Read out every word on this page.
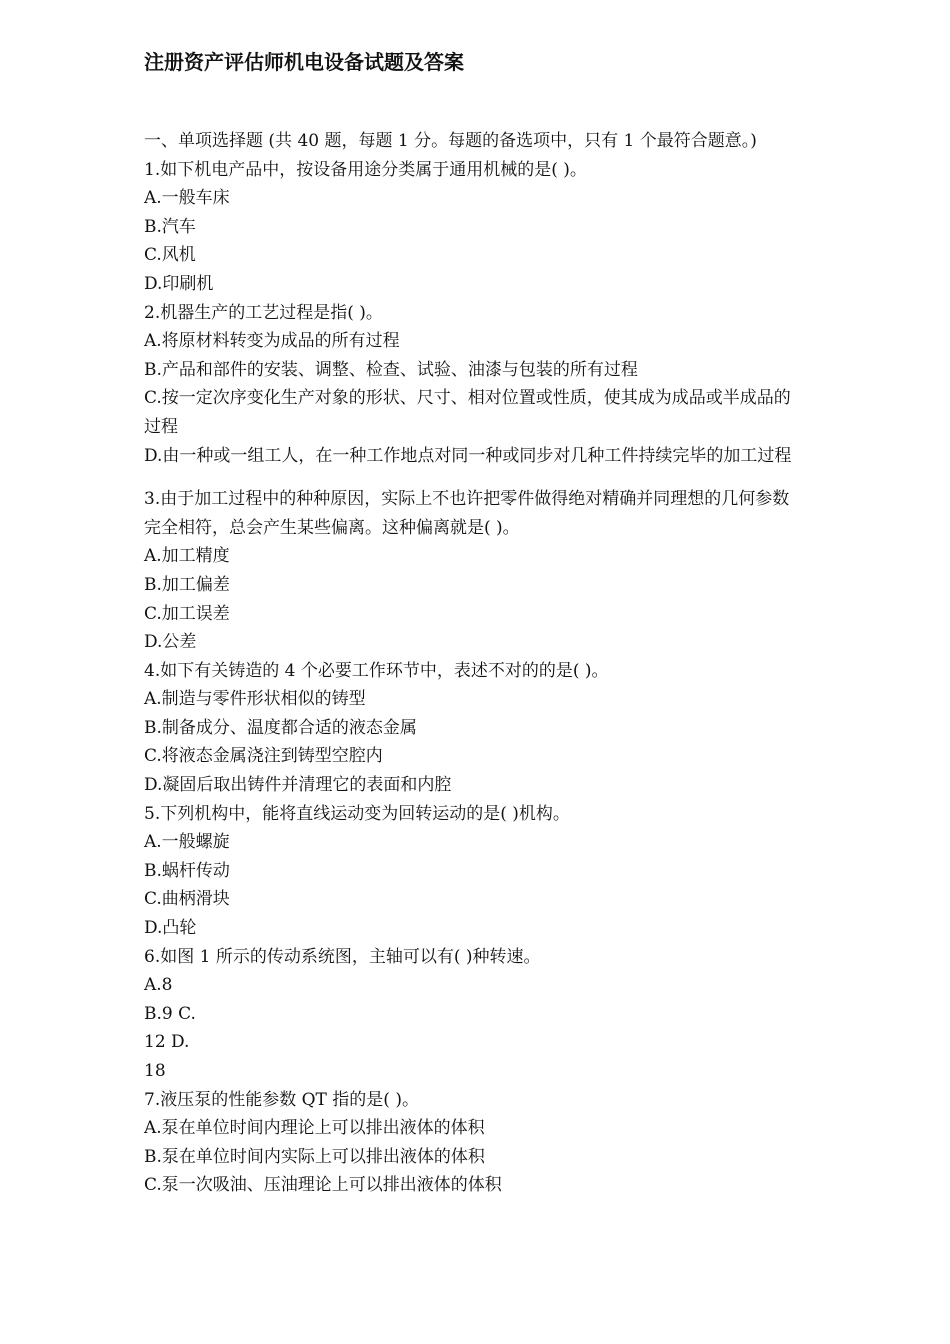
注册资产评估师机电设备试题及答案
一、单项选择题 (共 40 题，每题 1 分。每题的备选项中，只有 1 个最符合题意。)
1.如下机电产品中，按设备用途分类属于通用机械的是( )。
A.一般车床
B.汽车
C.风机
D.印刷机
2.机器生产的工艺过程是指( )。
A.将原材料转变为成品的所有过程
B.产品和部件的安装、调整、检查、试验、油漆与包装的所有过程
C.按一定次序变化生产对象的形状、尺寸、相对位置或性质，使其成为成品或半成品的
过程
D.由一种或一组工人，在一种工作地点对同一种或同步对几种工件持续完毕的加工过程
3.由于加工过程中的种种原因，实际上不也许把零件做得绝对精确并同理想的几何参数
完全相符，总会产生某些偏离。这种偏离就是( )。
A.加工精度
B.加工偏差
C.加工误差
D.公差
4.如下有关铸造的 4 个必要工作环节中，表述不对的的是( )。
A.制造与零件形状相似的铸型
B.制备成分、温度都合适的液态金属
C.将液态金属浇注到铸型空腔内
D.凝固后取出铸件并清理它的表面和内腔
5.下列机构中，能将直线运动变为回转运动的是( )机构。
A.一般螺旋
B.蜗杆传动
C.曲柄滑块
D.凸轮
6.如图 1 所示的传动系统图，主轴可以有( )种转速。
A.8
B.9 C.
12 D.
18
7.液压泵的性能参数 QT 指的是( )。
A.泵在单位时间内理论上可以排出液体的体积
B.泵在单位时间内实际上可以排出液体的体积
C.泵一次吸油、压油理论上可以排出液体的体积
